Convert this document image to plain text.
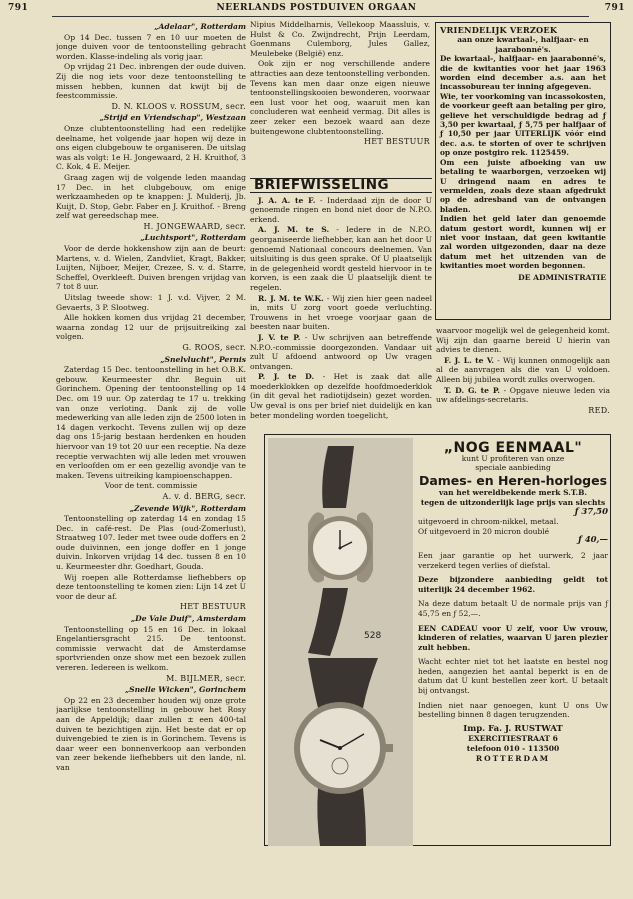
791	NEERLANDS POSTDUIVEN ORGAAN	791

„Adelaar", Rotterdam

Op 14 Dec. tussen 7 en 10 uur moeten de jonge duiven voor de tentoonstelling gebracht worden. Klasse-indeling als vorig jaar.

Op vrijdag 21 Dec. inbrengen der oude duiven. Zij die nog iets voor deze tentoonstelling te missen hebben, kunnen dat kwijt bij de feestcommissie.

D. N. KLOOS v. ROSSUM, secr.

„Strijd en Vriendschap", Westzaan

Onze clubtentoonstelling had een redelijke deelname, het volgende jaar hopen wij deze in ons eigen clubgebouw te organiseren. De uitslag was als volgt: 1e H. Jongewaard, 2 H. Kruithof, 3 C. Kok, 4 E. Meijer.

Graag zagen wij de volgende leden maandag 17 Dec. in het clubgebouw, om enige werkzaamheden op te knappen: J. Mulderij, Jb. Kuijt, D. Stop, Gebr. Faber en J. Kruithof. - Breng zelf wat gereedschap mee.

H. JONGEWAARD, secr.

„Luchtsport", Rotterdam

Voor de derde hokkenshow zijn aan de beurt: Martens, v. d. Wielen, Zandvliet, Kragt, Bakker, Luijten, Nijboer, Meijer, Crezee, S. v. d. Starre, Scheffel, Overkleeft. Duiven brengen vrijdag van 7 tot 8 uur.

Uitslag tweede show: 1 J. v.d. Vijver, 2 M. Gevaerts, 3 P. Slootweg.

Alle hokken komen dus vrijdag 21 december, waarna zondag 12 uur de prijsuitreiking zal volgen.

G. ROOS, secr.

„Snelvlucht", Pernis

Zaterdag 15 Dec. tentoonstelling in het O.B.K. gebouw. Keurmeester dhr. Beguin uit Gorinchem. Opening der tentoonstelling op 14 Dec. om 19 uur. Op zaterdag te 17 u. trekking van onze verloting. Dank zij de volle medewerking van alle leden zijn de 2500 loten in 14 dagen verkocht. Tevens zullen wij op deze dag ons 15-jarig bestaan herdenken en houden hiervoor van 19 tot 20 uur een receptie. Na deze receptie verwachten wij alle leden met vrouwen en verloofden om er een gezellig avondje van te maken. Tevens uitreiking kampioenschappen.

Voor de tent. commissie

A. v. d. BERG, secr.

„Zevende Wijk", Rotterdam

Tentoonstelling op zaterdag 14 en zondag 15 Dec. in café-rest. De Plas (oud-Zomerlust), Straatweg 107. Ieder met twee oude doffers en 2 oude duivinnen, een jonge doffer en 1 jonge duivin. Inkorven vrijdag 14 dec. tussen 8 en 10 u. Keurmeester dhr. Goedhart, Gouda.

Wij roepen alle Rotterdamse liefhebbers op deze tentoonstelling te komen zien: Lijn 14 zet U voor de deur af.

HET BESTUUR

„De Vale Duif", Amsterdam

Tentoonstelling op 15 en 16 Dec. in lokaal Engelantiersgracht 215. De tentoonst. commissie verwacht dat de Amsterdamse sportvrienden onze show met een bezoek zullen vereren. Iedereen is welkom.

M. BIJLMER, secr.

„Snelle Wicken", Gorinchem

Op 22 en 23 december houden wij onze grote jaarlijkse tentoonstelling in gebouw het Rosy aan de Appeldijk; daar zullen ± een 400-tal duiven te bezichtigen zijn. Het beste dat er op duivengebied te zien is in Gorinchem. Tevens is daar weer een bonnenverkoop aan verbonden van zeer bekende liefhebbers uit den lande, nl. van

Nipius Middelharnis, Vellekoop Maassluis, v. Hulst & Co. Zwijndrecht, Prijn Leerdam, Goenmans Culemborg, Jules Gallez, Meulebeke (België) enz.

Ook zijn er nog verschillende andere attracties aan deze tentoonstelling verbonden. Tevens kan men daar onze eigen nieuwe tentoonstellingskooien bewonderen, voorwaar een lust voor het oog, waaruit men kan concluderen wat eenheid vermag. Dit alles is zeer zeker een bezoek waard aan deze buitengewone clubtentoonstelling.

HET BESTUUR

BRIEFWISSELING

J. A. A. te F. - Inderdaad zijn de door U genoemde ringen en bond niet door de N.P.O. erkend.

A. J. M. te S. - Iedere in de N.P.O. georganiseerde liefhebber, kan aan het door U genoemd Nationaal concours deelnemen. Van uitsluiting is dus geen sprake. Of U plaatselijk in de gelegenheid wordt gesteld hiervoor in te korven, is een zaak die U plaatselijk dient te regelen.

R. J. M. te W.K. - Wij zien hier geen nadeel in, mits U zorg voort goede verluchting. Trouwens in het vroege voorjaar gaan de beesten naar buiten.

J. V. te P. - Uw schrijven aan betreffende N.P.O.-commissie doorgezonden. Vandaar uit zult U afdoend antwoord op Uw vragen ontvangen.

P. J. te D. - Het is zaak dat alle moederklokken op dezelfde hoofdmoederklok (in dit geval het radiotijdsein) gezet worden. Uw geval is ons per brief niet duidelijk en kan beter mondeling worden toegelicht,

VRIENDELIJK VERZOEK

aan onze kwartaal-, halfjaar- en jaarabonné's.

De kwartaal-, halfjaar- en jaarabonné's, die de kwitanties voor het jaar 1963 worden eind december a.s. aan het incassobureau ter inning afgegeven.

Wie, ter voorkoming van incassokosten, de voorkeur geeft aan betaling per giro, gelieve het verschuldigde bedrag ad ƒ 3,50 per kwartaal, ƒ 5,75 per halfjaar of ƒ 10,50 per jaar UITERLIJK vóór eind dec. a.s. te storten of over te schrijven op onze postgiro rek. 1125459.

Om een juiste afboeking van uw betaling te waarborgen, verzoeken wij U dringend naam en adres te vermelden, zoals deze staan afgedrukt op de adresband van de ontvangen bladen.

Indien het geld later dan genoemde datum gestort wordt, kunnen wij er niet voor instaan, dat geen kwitantie zal worden uitgezonden, daar na deze datum met het uitzenden van de kwitanties moet worden begonnen.

DE ADMINISTRATIE

waarvoor mogelijk wel de gelegenheid komt. Wij zijn dan gaarne bereid U hierin van advies te dienen.

F. J. L. te V. - Wij kunnen onmogelijk aan al de aanvragen als die van U voldoen. Alleen bij jubilea wordt zulks overwogen.

T. D. G. te P. - Opgave nieuwe leden via uw afdelings-secretaris.

RED.

528

„NOG EENMAAL"

kunt U profiteren van onze

speciale aanbieding

Dames- en Heren-horloges

van het wereldbekende merk S.T.B.

tegen de uitzonderlijk lage prijs van slechts

ƒ 37,50

uitgevoerd in chroom-nikkel, metaal.

Of uitgevoerd in 20 micron doublé

ƒ 40,—

Een jaar garantie op het uurwerk, 2 jaar verzekerd tegen verlies of diefstal.

Deze bijzondere aanbieding geldt tot uiterlijk 24 december 1962.

Na deze datum betaalt U de normale prijs van ƒ 45,75 en ƒ 52,—.

EEN CADEAU voor U zelf, voor Uw vrouw, kinderen of relaties, waarvan U jaren plezier zult hebben.

Wacht echter niet tot het laatste en bestel nog heden, aangezien het aantal beperkt is en de datum dat U kunt bestellen zeer kort. U betaalt bij ontvangst.

Indien niet naar genoegen, kunt U ons Uw bestelling binnen 8 dagen terugzenden.

Imp. Fa. J. RUSTWAT

EXERCITIESTRAAT 6

telefoon 010 - 113500

ROTTERDAM
